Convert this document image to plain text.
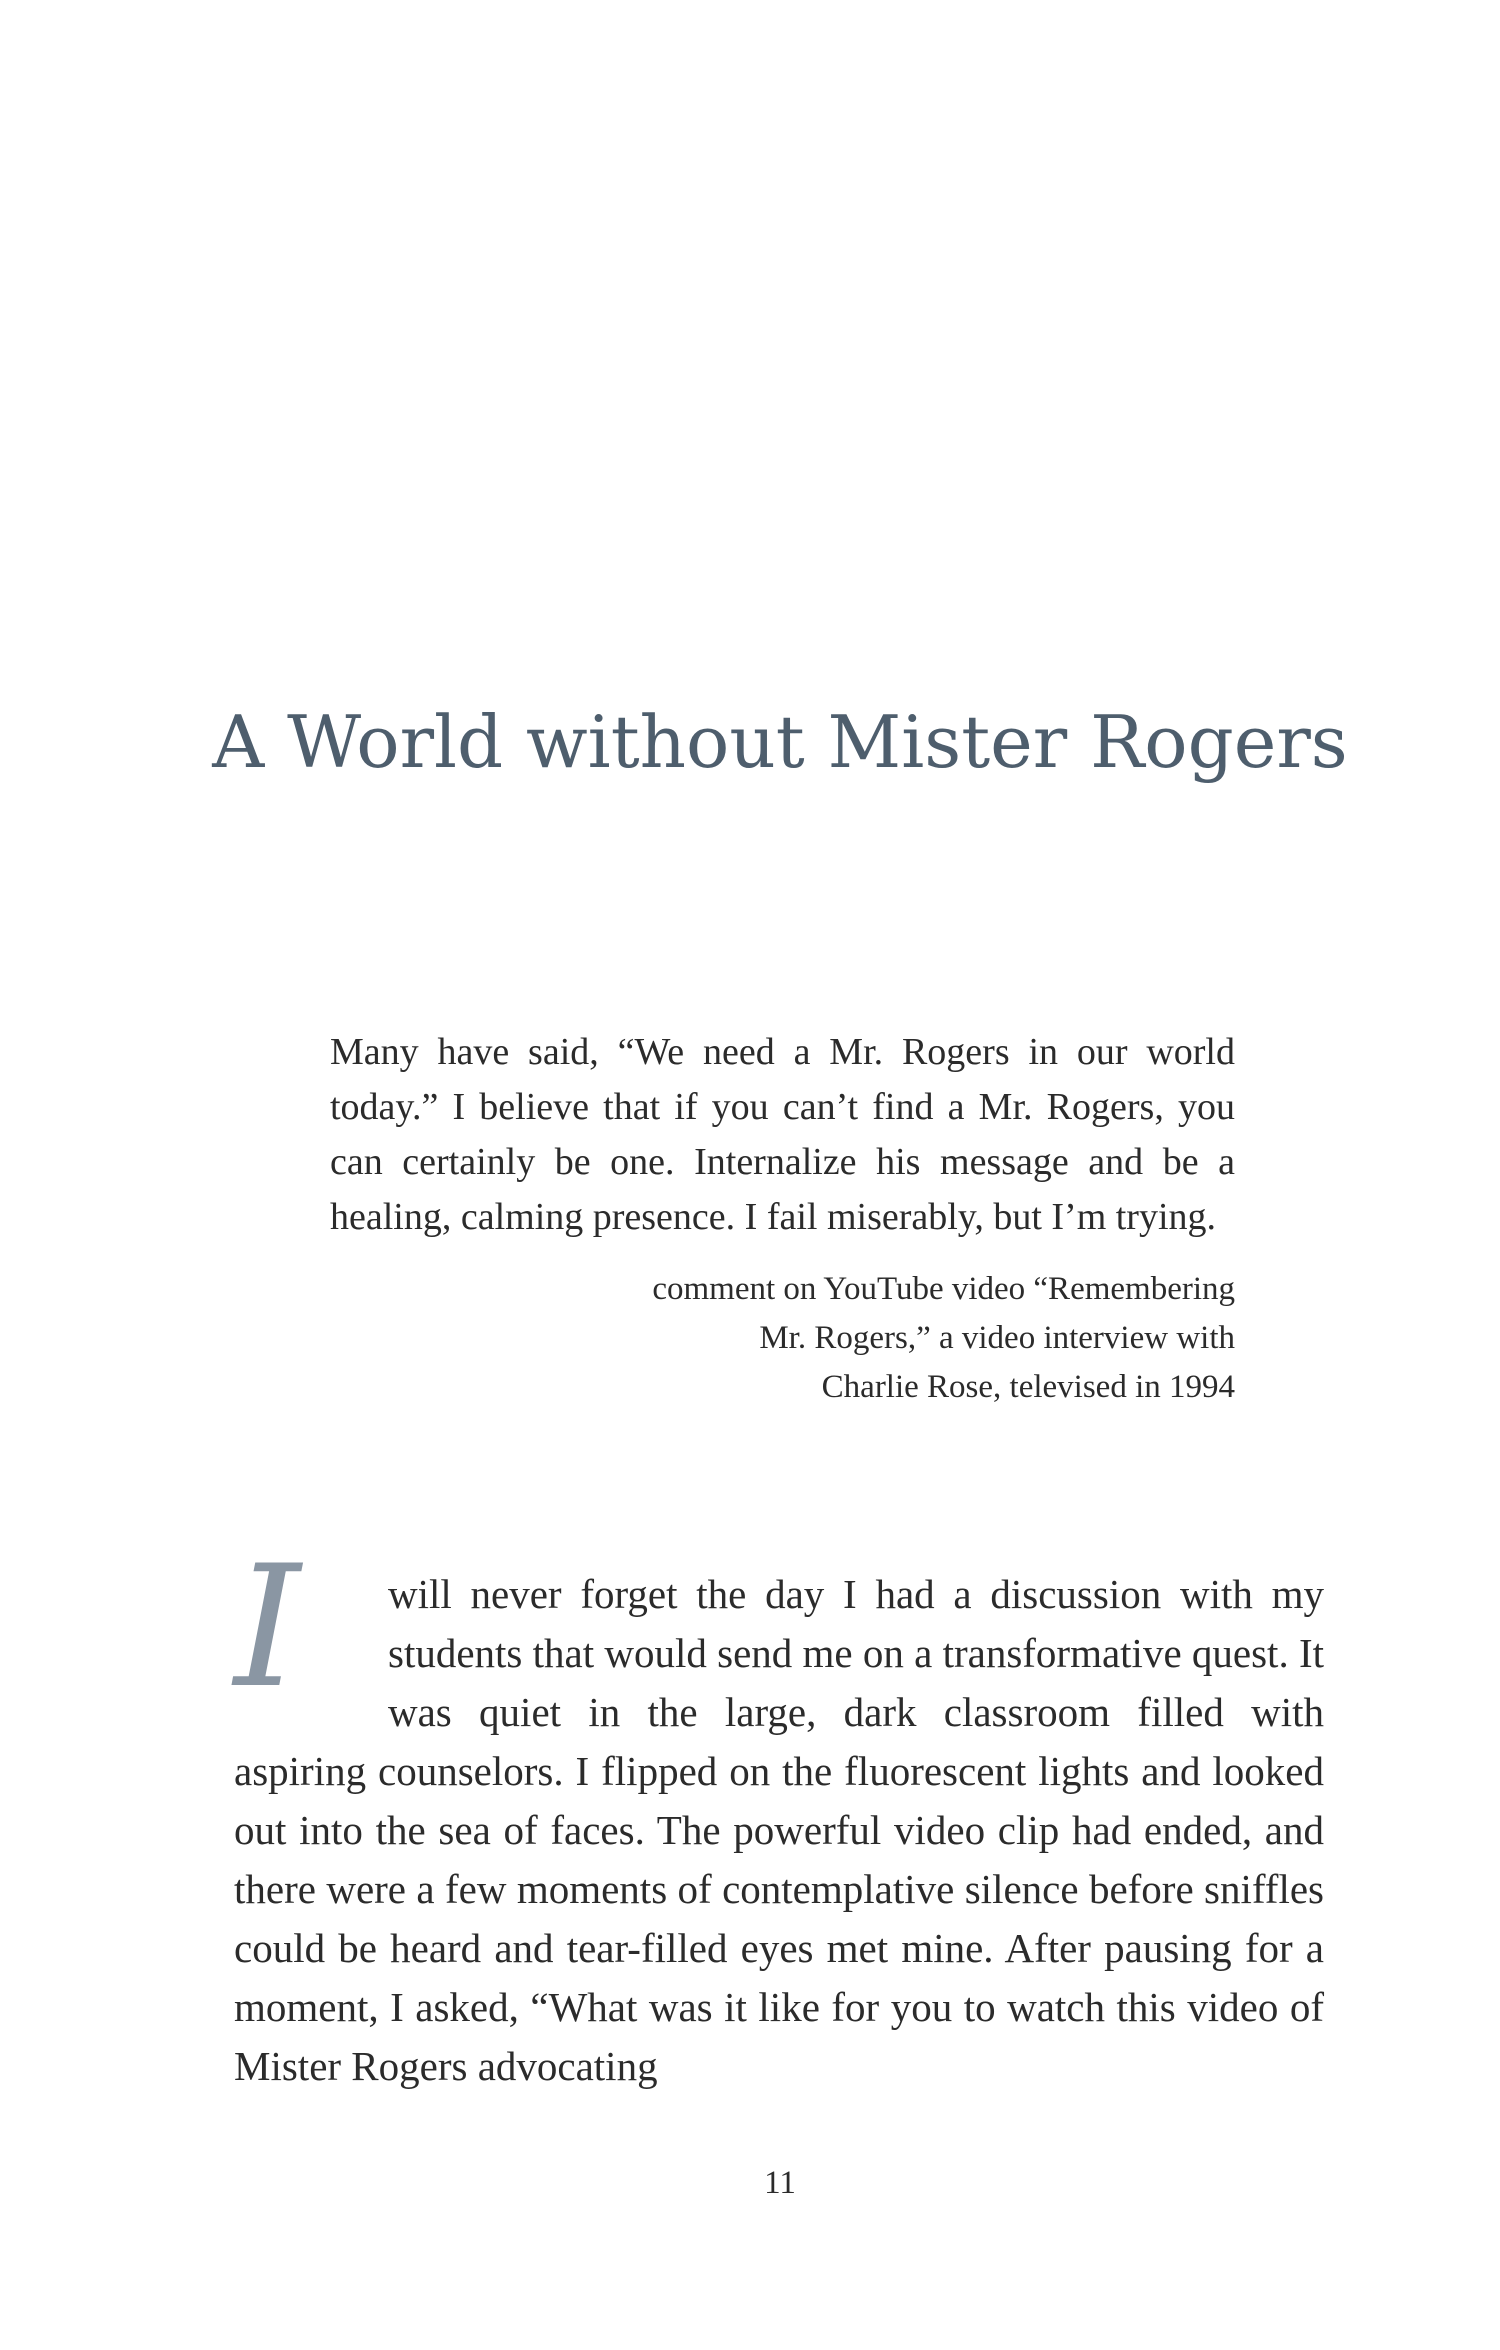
A World without Mister Rogers

Many have said, “We need a Mr. Rogers in our world today.” I believe that if you can’t find a Mr. Rogers, you can certainly be one. Internalize his message and be a healing, calming presence. I fail miserably, but I’m trying.

comment on YouTube video “Remembering
Mr. Rogers,” a video interview with
Charlie Rose, televised in 1994
I	will never forget the day I had a discussion with my students that would send me on a transformative quest. It was quiet in the large, dark classroom filled with aspiring counselors. I flipped on the fluorescent lights and looked out into the sea of faces. The powerful video clip had ended, and there were a few moments of contemplative silence before sniffles could be heard and tear-filled eyes met mine. After pausing for a moment, I asked, “What was it like for you to watch this video of Mister Rogers advocating

11
